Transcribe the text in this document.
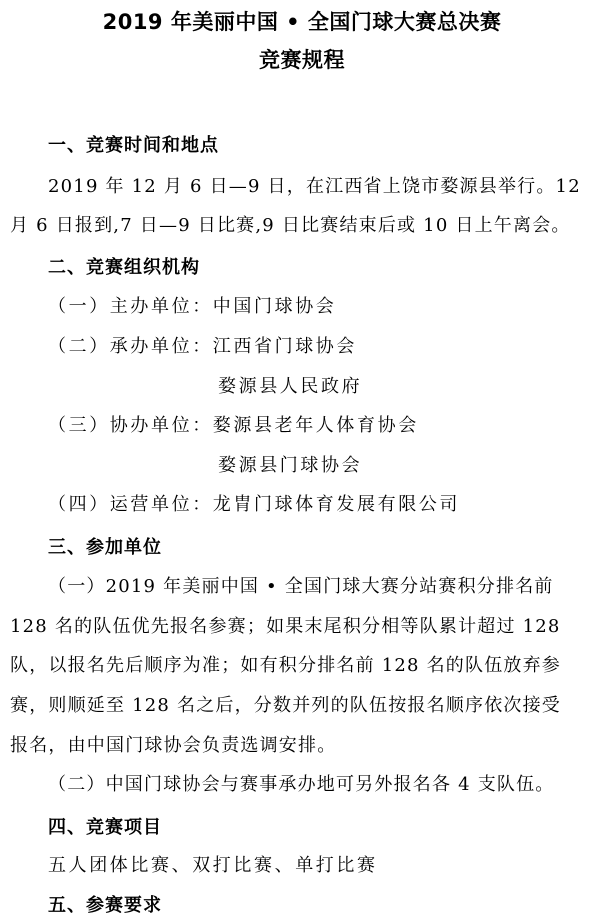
2019 年美丽中国 • 全国门球大赛总决赛
竞赛规程
一、竞赛时间和地点
2019 年 12 月 6 日—9 日，在江西省上饶市婺源县举行。12
月 6 日报到,7 日—9 日比赛,9 日比赛结束后或 10 日上午离会。
二、竞赛组织机构
（一）主办单位：中国门球协会
（二）承办单位：江西省门球协会
婺源县人民政府
（三）协办单位：婺源县老年人体育协会
婺源县门球协会
（四）运营单位：龙胄门球体育发展有限公司
三、参加单位
（一）2019 年美丽中国 • 全国门球大赛分站赛积分排名前
128 名的队伍优先报名参赛；如果末尾积分相等队累计超过 128
队，以报名先后顺序为准；如有积分排名前 128 名的队伍放弃参
赛，则顺延至 128 名之后，分数并列的队伍按报名顺序依次接受
报名，由中国门球协会负责选调安排。
（二）中国门球协会与赛事承办地可另外报名各 4 支队伍。
四、竞赛项目
五人团体比赛、双打比赛、单打比赛
五、参赛要求
